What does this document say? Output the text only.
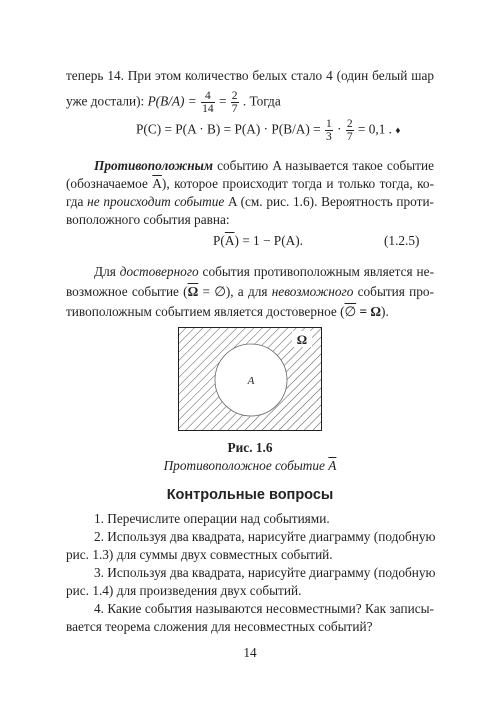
теперь 14. При этом количество белых стало 4 (один белый шар
уже достали): $P(B/A) = \frac{4}{14} = \frac{2}{7}$ . Тогда
$P(C) = P(A \cdot B) = P(A) \cdot P(B/A) = \frac{1}{3} \cdot \frac{2}{7} = 0,1$ . ♦
Противоположным событию A называется такое событие
(обозначаемое $\overline{A}$), которое происходит тогда и только тогда, ко-
гда не происходит событие A (см. рис. 1.6). Вероятность проти-
воположного события равна:
$P(\overline{A}) = 1 - P(A)$.	(1.2.5)
Для достоверного события противоположным является не-
возможное событие ($\overline{\Omega}$ = ∅), а для невозможного события про-
тивоположным событием является достоверное (∅ = Ω).
Ω
A
Рис. 1.6
Противоположное событие $\overline{A}$
Контрольные вопросы
1. Перечислите операции над событиями.
2. Используя два квадрата, нарисуйте диаграмму (подобную
рис. 1.3) для суммы двух совместных событий.
3. Используя два квадрата, нарисуйте диаграмму (подобную
рис. 1.4) для произведения двух событий.
4. Какие события называются несовместными? Как записы-
вается теорема сложения для несовместных событий?
14
